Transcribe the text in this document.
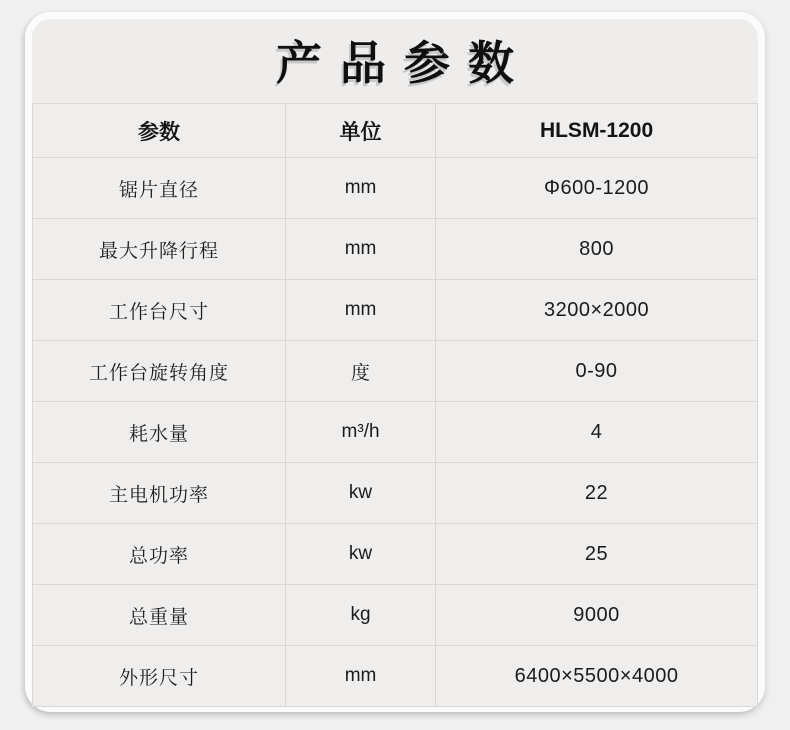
产品参数
参数	单位	HLSM-1200
锯片直径	mm	Φ600-1200
最大升降行程	mm	800
工作台尺寸	mm	3200×2000
工作台旋转角度	度	0-90
耗水量	m³/h	4
主电机功率	kw	22
总功率	kw	25
总重量	kg	9000
外形尺寸	mm	6400×5500×4000
